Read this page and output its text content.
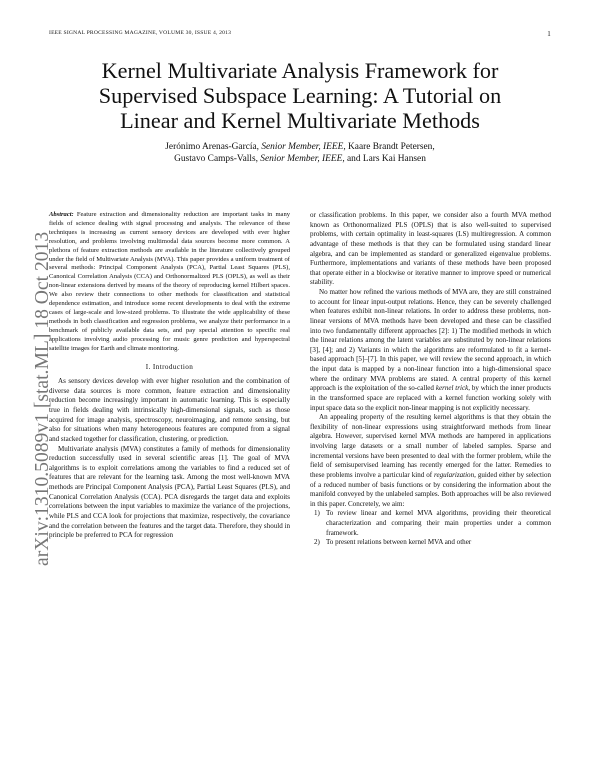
IEEE SIGNAL PROCESSING MAGAZINE, VOLUME 30, ISSUE 4, 2013	1
Kernel Multivariate Analysis Framework for
Supervised Subspace Learning: A Tutorial on
Linear and Kernel Multivariate Methods
Jerónimo Arenas-García, Senior Member, IEEE, Kaare Brandt Petersen,
Gustavo Camps-Valls, Senior Member, IEEE, and Lars Kai Hansen
arXiv:1310.5089v1 [stat.ML] 18 Oct 2013

Abstract: Feature extraction and dimensionality reduction are important tasks in many fields of science dealing with signal processing and analysis. The relevance of these techniques is increasing as current sensory devices are developed with ever higher resolution, and problems involving multimodal data sources become more common. A plethora of feature extraction methods are available in the literature collectively grouped under the field of Multivariate Analysis (MVA). This paper provides a uniform treatment of several methods: Principal Component Analysis (PCA), Partial Least Squares (PLS), Canonical Correlation Analysis (CCA) and Orthonormalized PLS (OPLS), as well as their non-linear extensions derived by means of the theory of reproducing kernel Hilbert spaces. We also review their connections to other methods for classification and statistical dependence estimation, and introduce some recent developments to deal with the extreme cases of large-scale and low-sized problems. To illustrate the wide applicability of these methods in both classification and regression problems, we analyze their performance in a benchmark of publicly available data sets, and pay special attention to specific real applications involving audio processing for music genre prediction and hyperspectral satellite images for Earth and climate monitoring.

I. Introduction

As sensory devices develop with ever higher resolution and the combination of diverse data sources is more common, feature extraction and dimensionality reduction become increasingly important in automatic learning. This is especially true in fields dealing with intrinsically high-dimensional signals, such as those acquired for image analysis, spectroscopy, neuroimaging, and remote sensing, but also for situations when many heterogeneous features are computed from a signal and stacked together for classification, clustering, or prediction.

Multivariate analysis (MVA) constitutes a family of methods for dimensionality reduction successfully used in several scientific areas [1]. The goal of MVA algorithms is to exploit correlations among the variables to find a reduced set of features that are relevant for the learning task. Among the most well-known MVA methods are Principal Component Analysis (PCA), Partial Least Squares (PLS), and Canonical Correlation Analysis (CCA). PCA disregards the target data and exploits correlations between the input variables to maximize the variance of the projections, while PLS and CCA look for projections that maximize, respectively, the covariance and the correlation between the features and the target data. Therefore, they should in principle be preferred to PCA for regression

or classification problems. In this paper, we consider also a fourth MVA method known as Orthonormalized PLS (OPLS) that is also well-suited to supervised problems, with certain optimality in least-squares (LS) multiregression. A common advantage of these methods is that they can be formulated using standard linear algebra, and can be implemented as standard or generalized eigenvalue problems. Furthermore, implementations and variants of these methods have been proposed that operate either in a blockwise or iterative manner to improve speed or numerical stability.

No matter how refined the various methods of MVA are, they are still constrained to account for linear input-output relations. Hence, they can be severely challenged when features exhibit non-linear relations. In order to address these problems, non-linear versions of MVA methods have been developed and these can be classified into two fundamentally different approaches [2]: 1) The modified methods in which the linear relations among the latent variables are substituted by non-linear relations [3], [4]; and 2) Variants in which the algorithms are reformulated to fit a kernel-based approach [5]–[7]. In this paper, we will review the second approach, in which the input data is mapped by a non-linear function into a high-dimensional space where the ordinary MVA problems are stated. A central property of this kernel approach is the exploitation of the so-called kernel trick, by which the inner products in the transformed space are replaced with a kernel function working solely with input space data so the explicit non-linear mapping is not explicitly necessary.

An appealing property of the resulting kernel algorithms is that they obtain the flexibility of non-linear expressions using straightforward methods from linear algebra. However, supervised kernel MVA methods are hampered in applications involving large datasets or a small number of labeled samples. Sparse and incremental versions have been presented to deal with the former problem, while the field of semisupervised learning has recently emerged for the latter. Remedies to these problems involve a particular kind of regularization, guided either by selection of a reduced number of basis functions or by considering the information about the manifold conveyed by the unlabeled samples. Both approaches will be also reviewed in this paper. Concretely, we aim:

1) To review linear and kernel MVA algorithms, providing their theoretical characterization and comparing their main properties under a common framework.
2) To present relations between kernel MVA and other
